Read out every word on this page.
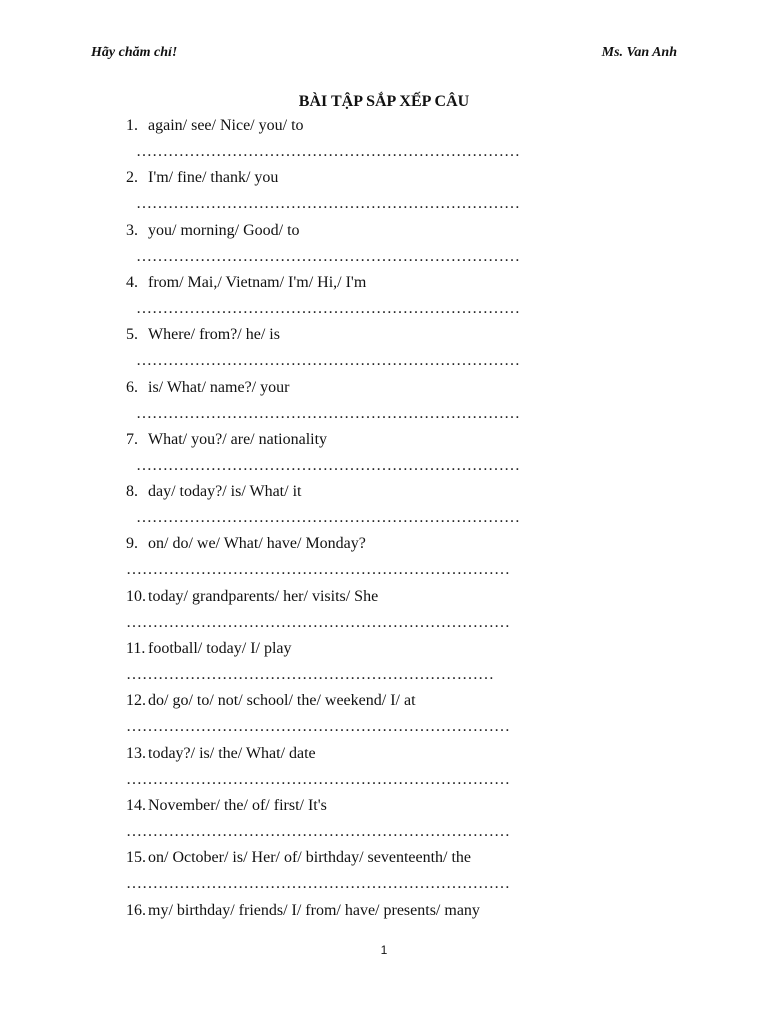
Hãy chăm chỉ!	Ms. Van Anh
BÀI TẬP SẮP XẾP CÂU
1. again/ see/ Nice/ you/ to
………………………………………………………………
2. I'm/ fine/ thank/ you
………………………………………………………………
3. you/ morning/ Good/ to
………………………………………………………………
4. from/ Mai,/ Vietnam/ I'm/ Hi,/ I'm
………………………………………………………………
5. Where/ from?/ he/ is
………………………………………………………………
6. is/ What/ name?/ your
………………………………………………………………
7. What/ you?/ are/ nationality
………………………………………………………………
8. day/ today?/ is/ What/ it
………………………………………………………………
9. on/ do/ we/ What/ have/ Monday?
………………………………………………………………
10. today/ grandparents/ her/ visits/ She
………………………………………………………………
11. football/ today/ I/ play
……………………………………………………………
12. do/ go/ to/ not/ school/ the/ weekend/ I/ at
………………………………………………………………
13. today?/ is/ the/ What/ date
………………………………………………………………
14. November/ the/ of/ first/ It's
………………………………………………………………
15. on/ October/ is/ Her/ of/ birthday/ seventeenth/ the
………………………………………………………………
16. my/ birthday/ friends/ I/ from/ have/ presents/ many
1
